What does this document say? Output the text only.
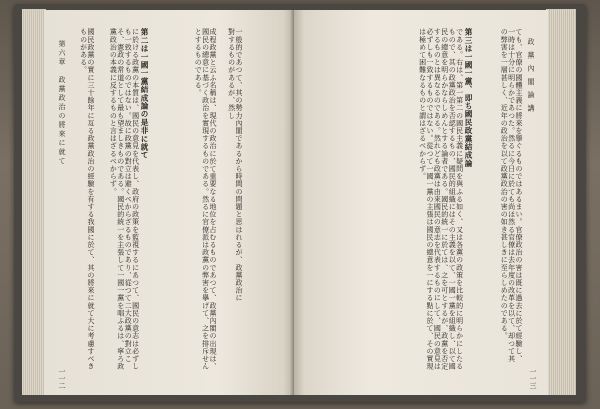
一般的であつて、其の勢力內閣であるから時間の問題と思はれるが、政黨政治に對するものがあるが、然し

成程政黨と云ふ名稱は、現代の政治に於て重要なる地位を占むるものであつて、政黨內閣の出現は、國民の總意に基づく政治を實現するものである。然るに官僚派は政黨の弊害を擧げて、之を排斥せんとするものである。

第二は一國一黨結成論の是非に就て

に於ける政黨の本質は、國民の意見を代表し、政府の政策を監視するにあつて、國民の意志は必ずしも一致するものではない。故に政黨の對立は避くべからざるものであり、從つて二大政黨の對立こそ、憲政の常道として最も望ましきものである。國民的統一を主張して一國一黨を唱ふるは、寧ろ政黨政治の本義に反するものと言はざるべからず。

國民政黨の實に三十餘年に亙る政黨政治の經驗を有する我國に於て、其の將來に就て大に考慮すべきものがある。

第六章　政黨政治の將來に就て
一一二
政 黨 內 閣 論 講

ても、官僚の國體主義に將來を擧ぐるものではあるまい。官僚政治の害は既に過去に於て經驗し、一時は十分に明らかであつた。然るに今日に於ても尚ほ然る官僚は去年度の改革を以て、却つて其の弊害を一層甚しく、近年の政治を以て政黨政治の害の如き甚しきに至らしめたのである。

第三は一國一黨、即ち國民政黨結成論

である。右は、第一第二の國民主義に疑問を與ふる如く、又は各黨の政策を比較的に明らかにしたるもので、其の政黨政治を否認するもの、國民的組織にはその主義を以て、一國一黨を組織し、以て國民の總意を明らかならしめんとする論者である。國民的統一に於ては、之を可とするが、政黨を否定するものとは異なるのである。然れども政黨は由來國民の意志を代表するものにして、國民の意見は必ずしも一致するものではない。從つて一國一黨の主張は國民の總意を一にする點に於て、その實現は極めて困難なるものと謂はざるべからず。

一一三
